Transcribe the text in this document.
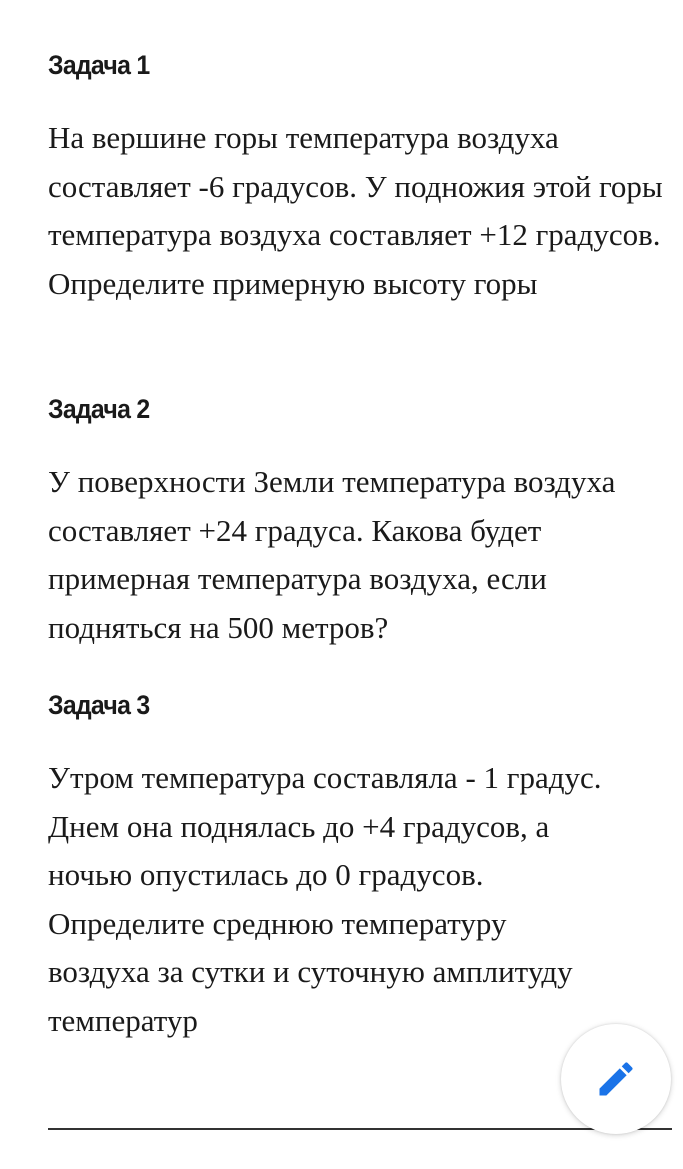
Задача 1

На вершине горы температура воздуха составляет -6 градусов. У подножия этой горы температура воздуха составляет +12 градусов. Определите примерную высоту горы

Задача 2

У поверхности Земли температура воздуха составляет +24 градуса. Какова будет примерная температура воздуха, если подняться на 500 метров?

Задача 3

Утром температура составляла - 1 градус. Днем она поднялась до +4 градусов, а ночью опустилась до 0 градусов. Определите среднюю температуру воздуха за сутки и суточную амплитуду температур
